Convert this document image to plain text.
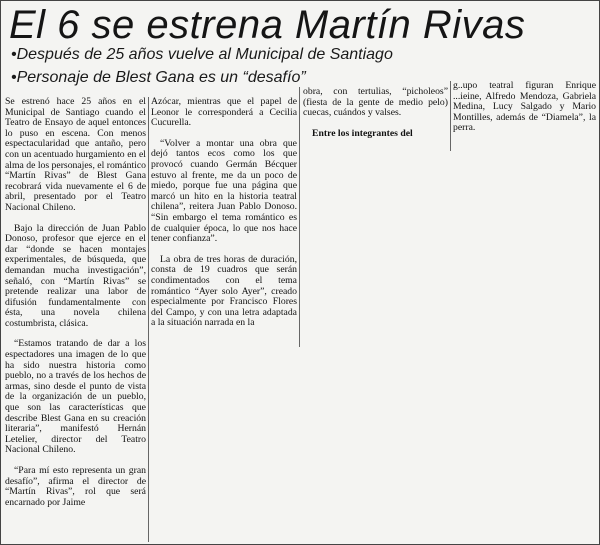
El 6 se estrena Martín Rivas
•Después de 25 años vuelve al Municipal de Santiago
•Personaje de Blest Gana es un “desafío”

Se estrenó hace 25 años en el Municipal de Santiago cuando el Teatro de Ensayo de aquel entonces lo puso en escena. Con menos espectacularidad que antaño, pero con un acentuado hurgamiento en el alma de los personajes, el romántico “Martín Rivas” de Blest Gana recobrará vida nuevamente el 6 de abril, presentado por el Teatro Nacional Chileno.

Bajo la dirección de Juan Pablo Donoso, profesor que ejerce en el dar “donde se hacen montajes experimentales, de búsqueda, que demandan mucha investigación”, señaló, con “Martín Rivas” se pretende realizar una labor de difusión fundamentalmente con ésta, una novela chilena costumbrista, clásica.

“Estamos tratando de dar a los espectadores una imagen de lo que ha sido nuestra historia como pueblo, no a través de los hechos de armas, sino desde el punto de vista de la organización de un pueblo, que son las características que describe Blest Gana en su creación literaria”, manifestó Hernán Letelier, director del Teatro Nacional Chileno.

“Para mí esto representa un gran desafío”, afirma el director de “Martín Rivas”, rol que será encarnado por Jaime

Azócar, mientras que el papel de Leonor le corresponderá a Cecilia Cucurella.

“Volver a montar una obra que dejó tantos ecos como los que provocó cuando Germán Bécquer estuvo al frente, me da un poco de miedo, porque fue una página que marcó un hito en la historia teatral chilena”, reitera Juan Pablo Donoso. “Sin embargo el tema romántico es de cualquier época, lo que nos hace tener confianza”.

La obra de tres horas de duración, consta de 19 cuadros que serán condimentados con el tema romántico “Ayer solo Ayer”, creado especialmente por Francisco Flores del Campo, y con una letra adaptada a la situación narrada en la

obra, con tertulias, “picholeos” (fiesta de la gente de medio pelo) cuecas, cuándos y valses.

Entre los integrantes del

g..upo teatral figuran Enrique ...ieine, Alfredo Mendoza, Gabriela Medina, Lucy Salgado y Mario Montilles, además de “Diamela”, la perra.
